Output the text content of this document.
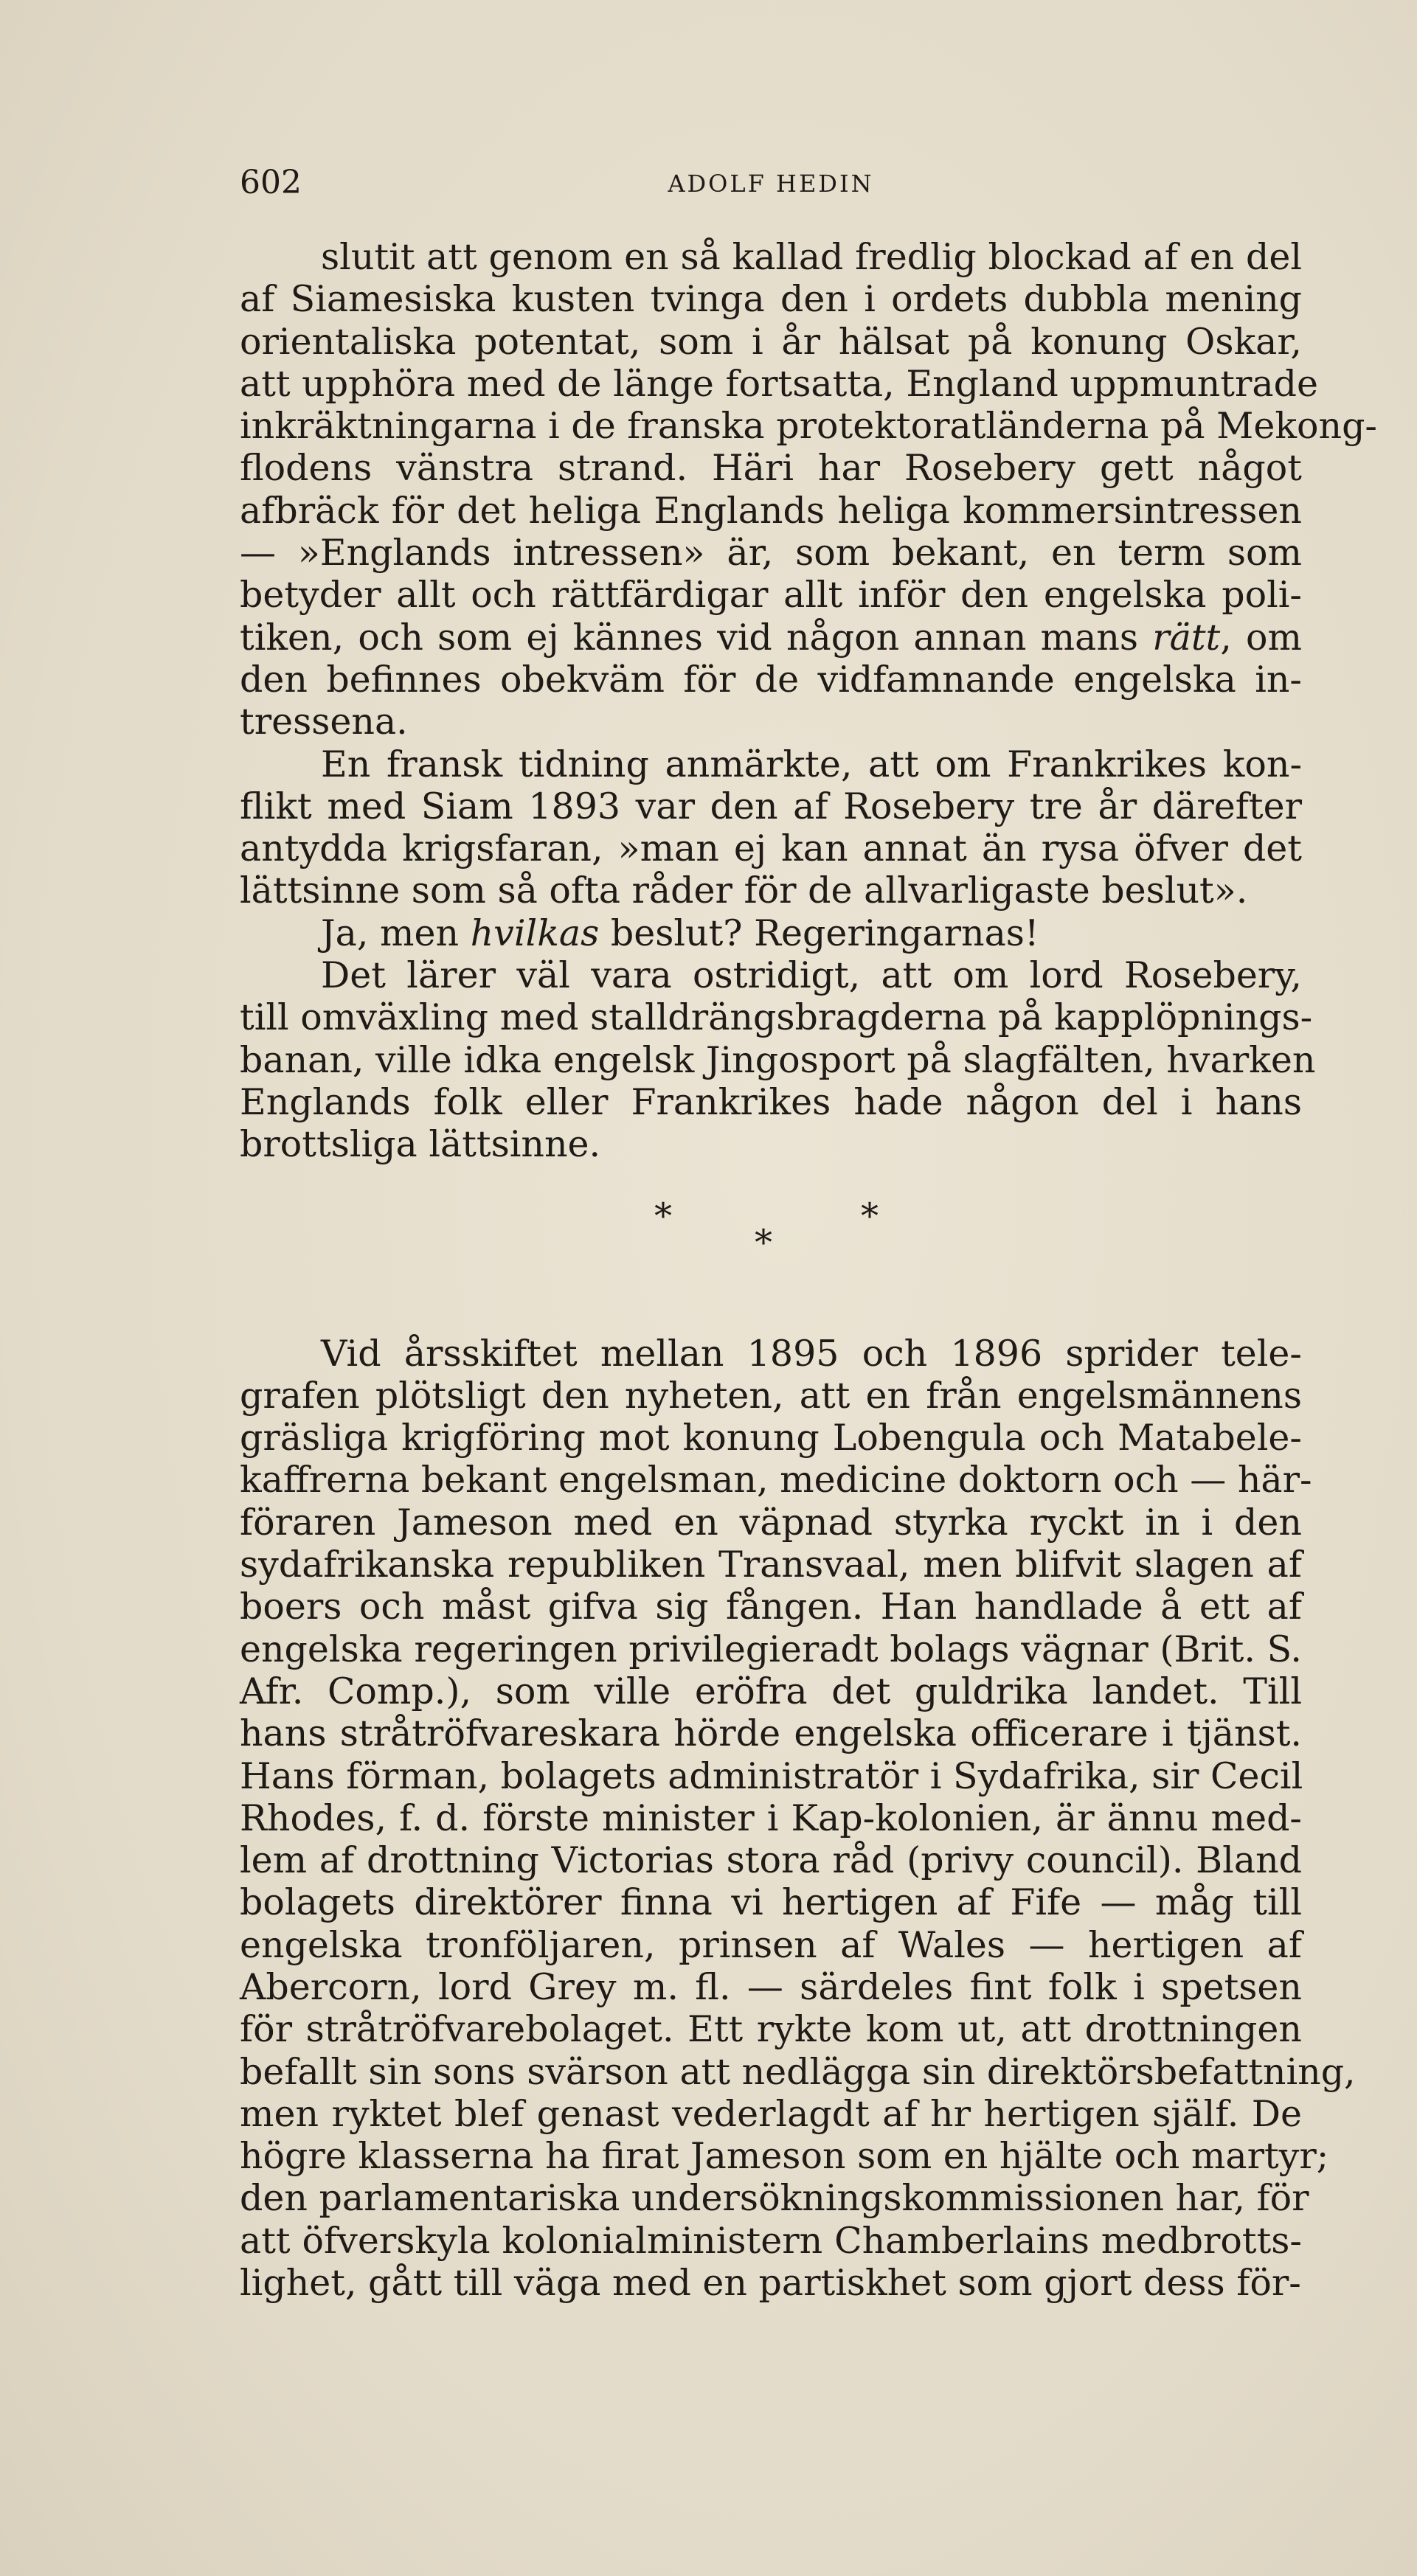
602	ADOLF HEDIN
slutit att genom en så kallad fredlig blockad af en del
af Siamesiska kusten tvinga den i ordets dubbla mening
orientaliska potentat, som i år hälsat på konung Oskar,
att upphöra med de länge fortsatta, England uppmuntrade
inkräktningarna i de franska protektoratländerna på Mekong-
flodens vänstra strand. Häri har Rosebery gett något
afbräck för det heliga Englands heliga kommersintressen
— »Englands intressen» är, som bekant, en term som
betyder allt och rättfärdigar allt inför den engelska poli-
tiken, och som ej kännes vid någon annan mans rätt, om
den befinnes obekväm för de vidfamnande engelska in-
tressena.
En fransk tidning anmärkte, att om Frankrikes kon-
flikt med Siam 1893 var den af Rosebery tre år därefter
antydda krigsfaran, »man ej kan annat än rysa öfver det
lättsinne som så ofta råder för de allvarligaste beslut».
Ja, men hvilkas beslut? Regeringarnas!
Det lärer väl vara ostridigt, att om lord Rosebery,
till omväxling med stalldrängsbragderna på kapplöpnings-
banan, ville idka engelsk Jingosport på slagfälten, hvarken
Englands folk eller Frankrikes hade någon del i hans
brottsliga lättsinne.
*
*
*
Vid årsskiftet mellan 1895 och 1896 sprider tele-
grafen plötsligt den nyheten, att en från engelsmännens
gräsliga krigföring mot konung Lobengula och Matabele-
kaffrerna bekant engelsman, medicine doktorn och — här-
föraren Jameson med en väpnad styrka ryckt in i den
sydafrikanska republiken Transvaal, men blifvit slagen af
boers och måst gifva sig fången. Han handlade å ett af
engelska regeringen privilegieradt bolags vägnar (Brit. S.
Afr. Comp.), som ville eröfra det guldrika landet. Till
hans stråtröfvareskara hörde engelska officerare i tjänst.
Hans förman, bolagets administratör i Sydafrika, sir Cecil
Rhodes, f. d. förste minister i Kap-kolonien, är ännu med-
lem af drottning Victorias stora råd (privy council). Bland
bolagets direktörer finna vi hertigen af Fife — måg till
engelska tronföljaren, prinsen af Wales — hertigen af
Abercorn, lord Grey m. fl. — särdeles fint folk i spetsen
för stråtröfvarebolaget. Ett rykte kom ut, att drottningen
befallt sin sons svärson att nedlägga sin direktörsbefattning,
men ryktet blef genast vederlagdt af hr hertigen själf. De
högre klasserna ha firat Jameson som en hjälte och martyr;
den parlamentariska undersökningskommissionen har, för
att öfverskyla kolonialministern Chamberlains medbrotts-
lighet, gått till väga med en partiskhet som gjort dess för-
